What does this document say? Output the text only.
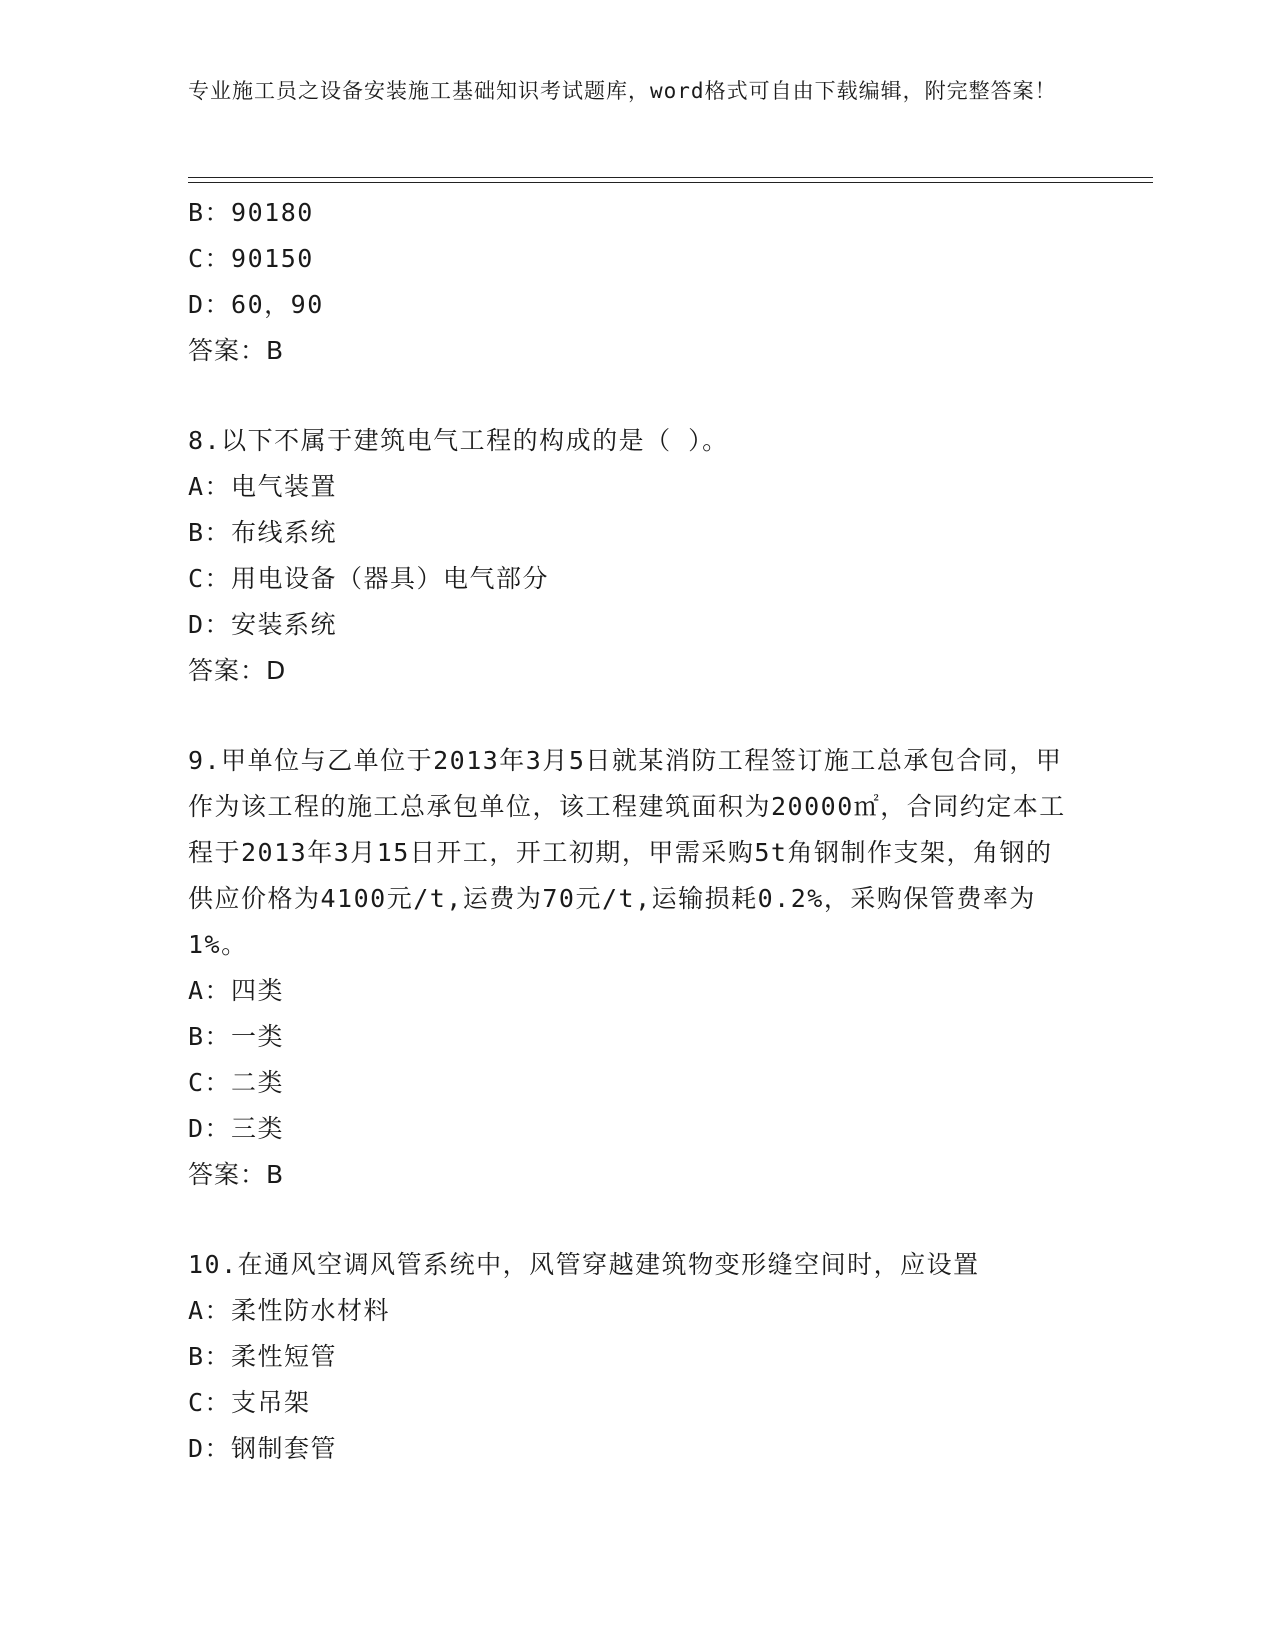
专业施工员之设备安装施工基础知识考试题库，word格式可自由下载编辑，附完整答案！
B：90180
C：90150
D：60，90
答案：B
8.以下不属于建筑电气工程的构成的是（ ）。
A：电气装置
B：布线系统
C：用电设备（器具）电气部分
D：安装系统
答案：D
9.甲单位与乙单位于2013年3月5日就某消防工程签订施工总承包合同，甲作为该工程的施工总承包单位，该工程建筑面积为20000㎡，合同约定本工程于2013年3月15日开工，开工初期，甲需采购5t角钢制作支架，角钢的供应价格为4100元/t,运费为70元/t,运输损耗0.2%，采购保管费率为1%。
A：四类
B：一类
C：二类
D：三类
答案：B
10.在通风空调风管系统中，风管穿越建筑物变形缝空间时，应设置
A：柔性防水材料
B：柔性短管
C：支吊架
D：钢制套管
